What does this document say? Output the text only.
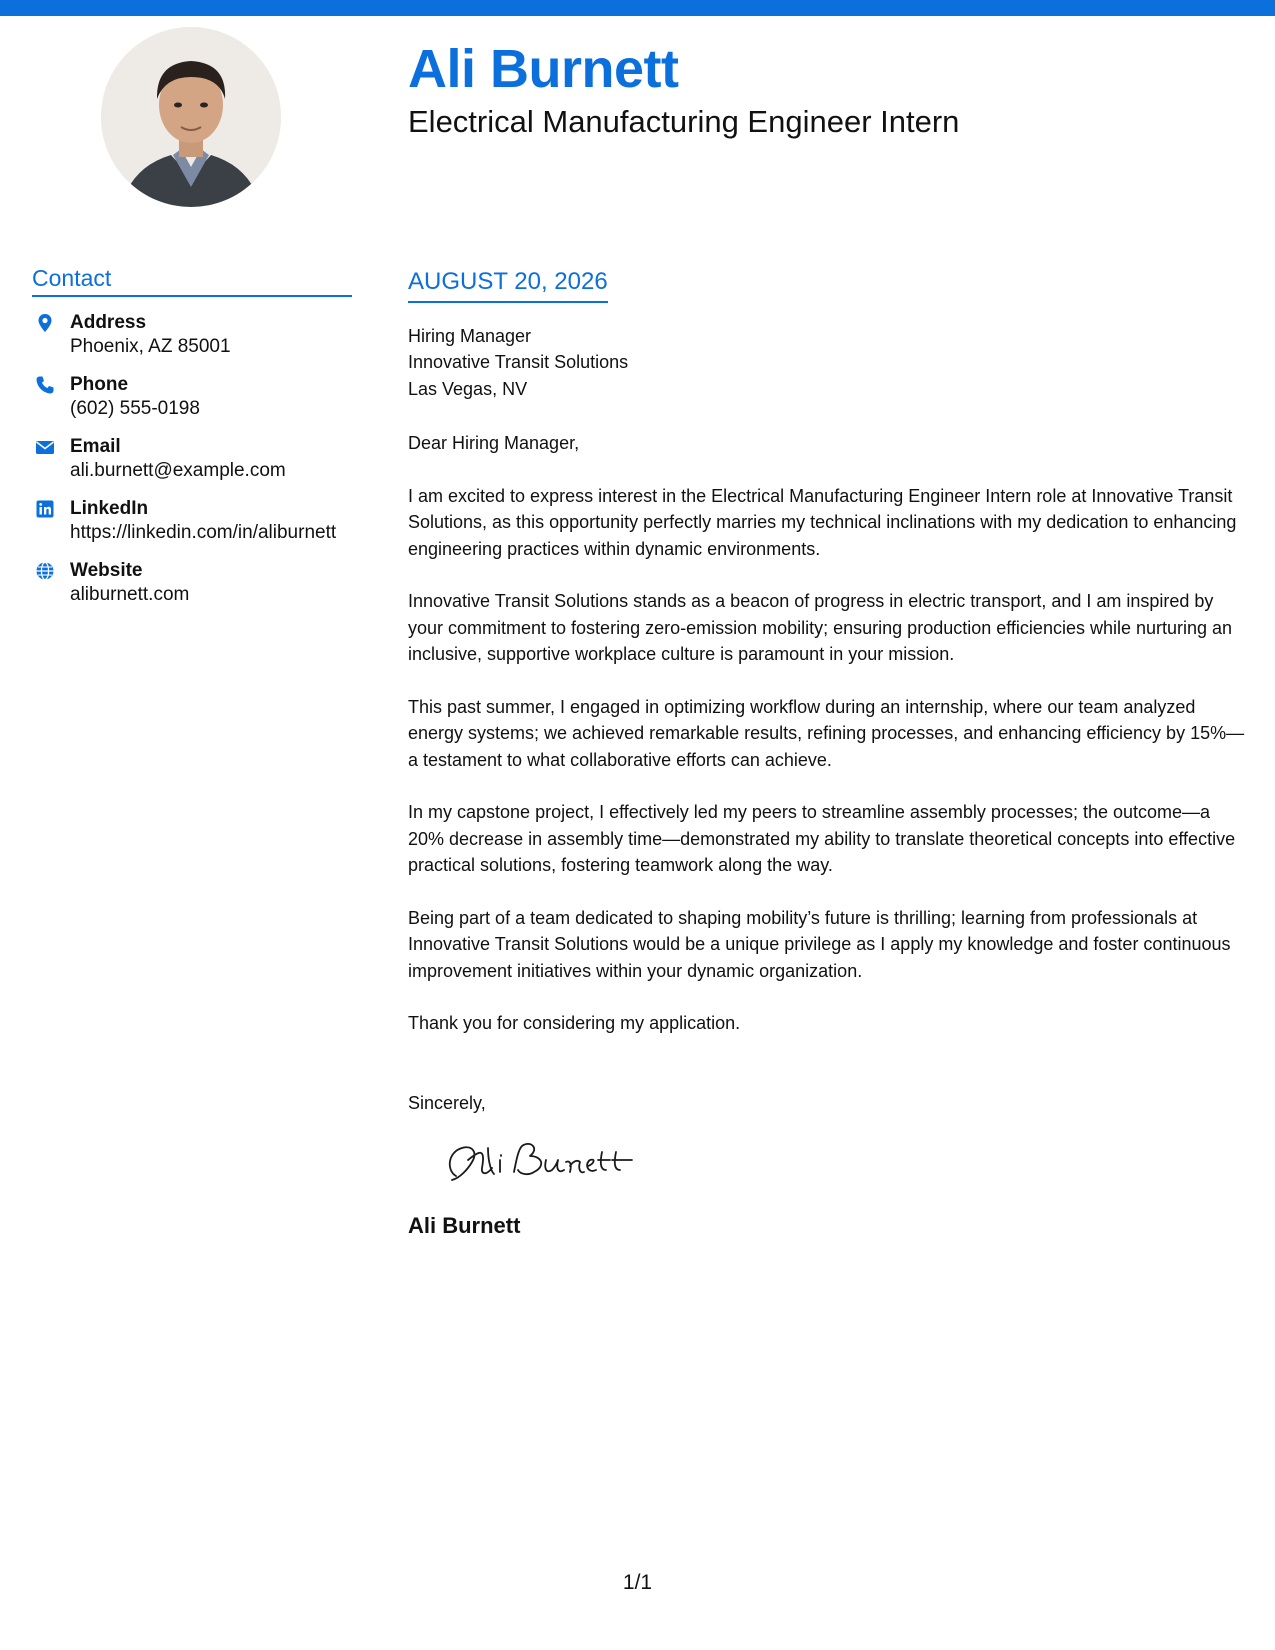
Ali Burnett
Electrical Manufacturing Engineer Intern
Contact
Address
Phoenix, AZ 85001
Phone
(602) 555-0198
Email
ali.burnett@example.com
LinkedIn
https://linkedin.com/in/aliburnett
Website
aliburnett.com
AUGUST 20, 2026
Hiring Manager
Innovative Transit Solutions
Las Vegas, NV
Dear Hiring Manager,

I am excited to express interest in the Electrical Manufacturing Engineer Intern role at Innovative Transit Solutions, as this opportunity perfectly marries my technical inclinations with my dedication to enhancing engineering practices within dynamic environments.

Innovative Transit Solutions stands as a beacon of progress in electric transport, and I am inspired by your commitment to fostering zero-emission mobility; ensuring production efficiencies while nurturing an inclusive, supportive workplace culture is paramount in your mission.

This past summer, I engaged in optimizing workflow during an internship, where our team analyzed energy systems; we achieved remarkable results, refining processes, and enhancing efficiency by 15%—a testament to what collaborative efforts can achieve.

In my capstone project, I effectively led my peers to streamline assembly processes; the outcome—a 20% decrease in assembly time—demonstrated my ability to translate theoretical concepts into effective practical solutions, fostering teamwork along the way.

Being part of a team dedicated to shaping mobility’s future is thrilling; learning from professionals at Innovative Transit Solutions would be a unique privilege as I apply my knowledge and foster continuous improvement initiatives within your dynamic organization.

Thank you for considering my application.

Sincerely,
Ali Burnett
1/1
